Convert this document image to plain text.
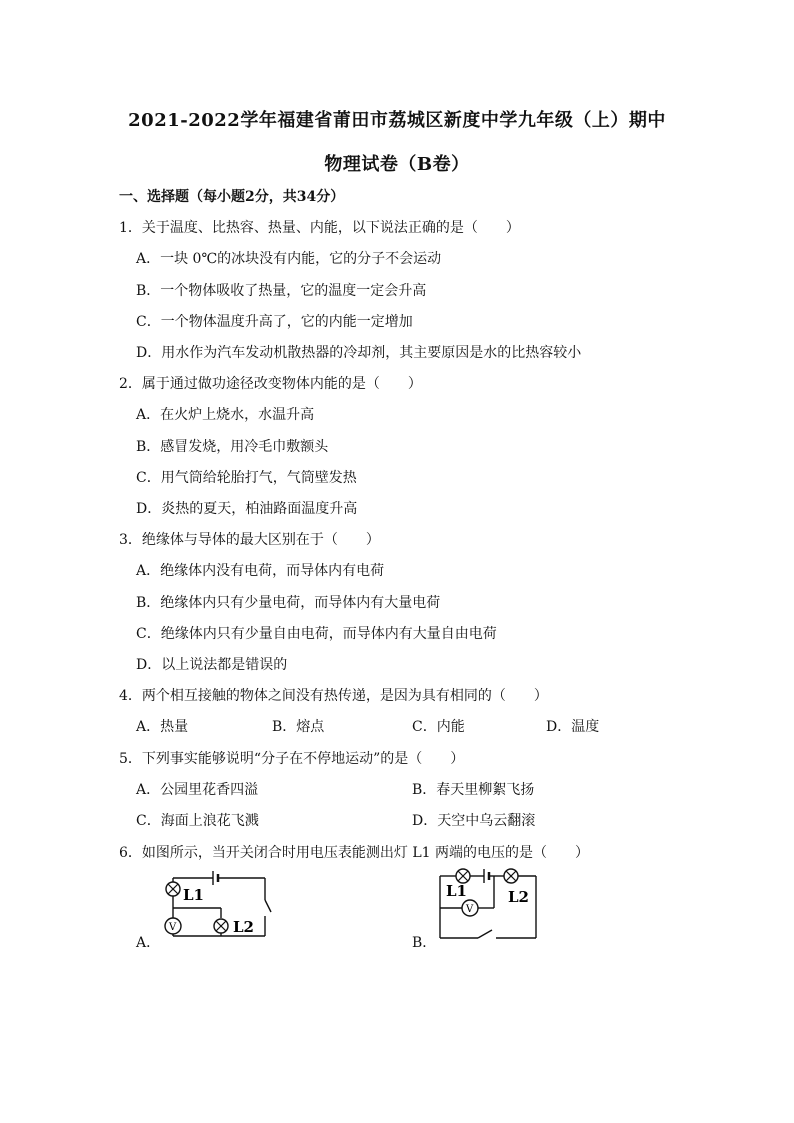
2021-2022学年福建省莆田市荔城区新度中学九年级（上）期中
物理试卷（B卷）
一、选择题（每小题2分，共34分）
1．关于温度、比热容、热量、内能，以下说法正确的是（　　）
A．一块 0℃的冰块没有内能，它的分子不会运动
B．一个物体吸收了热量，它的温度一定会升高
C．一个物体温度升高了，它的内能一定增加
D．用水作为汽车发动机散热器的冷却剂，其主要原因是水的比热容较小
2．属于通过做功途径改变物体内能的是（　　）
A．在火炉上烧水，水温升高
B．感冒发烧，用冷毛巾敷额头
C．用气筒给轮胎打气，气筒壁发热
D．炎热的夏天，柏油路面温度升高
3．绝缘体与导体的最大区别在于（　　）
A．绝缘体内没有电荷，而导体内有电荷
B．绝缘体内只有少量电荷，而导体内有大量电荷
C．绝缘体内只有少量自由电荷，而导体内有大量自由电荷
D．以上说法都是错误的
4．两个相互接触的物体之间没有热传递，是因为具有相同的（　　）
A．热量	B．熔点	C．内能	D．温度
5．下列事实能够说明“分子在不停地运动”的是（　　）
A．公园里花香四溢	B．春天里柳絮飞扬
C．海面上浪花飞溅	D．天空中乌云翻滚
6．如图所示，当开关闭合时用电压表能测出灯 L1 两端的电压的是（　　）
A．	B．
V
L1
L2
V
L1	L2
